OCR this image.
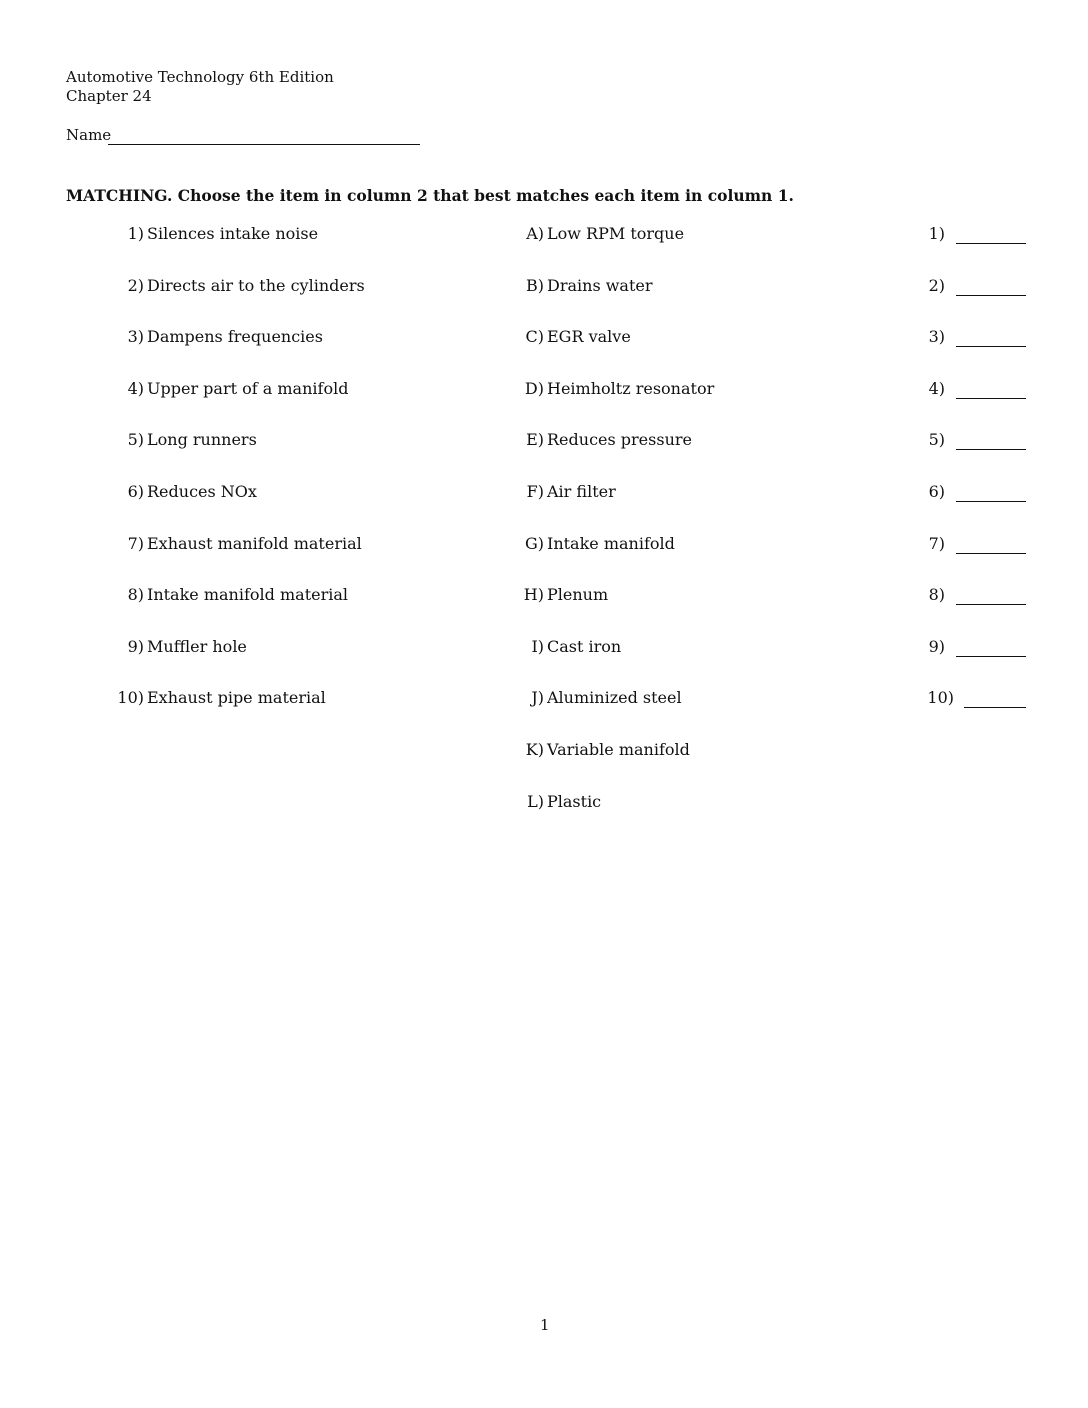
Automotive Technology 6th Edition
Chapter 24
Name
MATCHING. Choose the item in column 2 that best matches each item in column 1.
1) Silences intake noise
2) Directs air to the cylinders
3) Dampens frequencies
4) Upper part of a manifold
5) Long runners
6) Reduces NOx
7) Exhaust manifold material
8) Intake manifold material
9) Muffler hole
10) Exhaust pipe material
A) Low RPM torque
B) Drains water
C) EGR valve
D) Heimholtz resonator
E) Reduces pressure
F) Air filter
G) Intake manifold
H) Plenum
I) Cast iron
J) Aluminized steel
K) Variable manifold
L) Plastic
1)
2)
3)
4)
5)
6)
7)
8)
9)
10)
1
